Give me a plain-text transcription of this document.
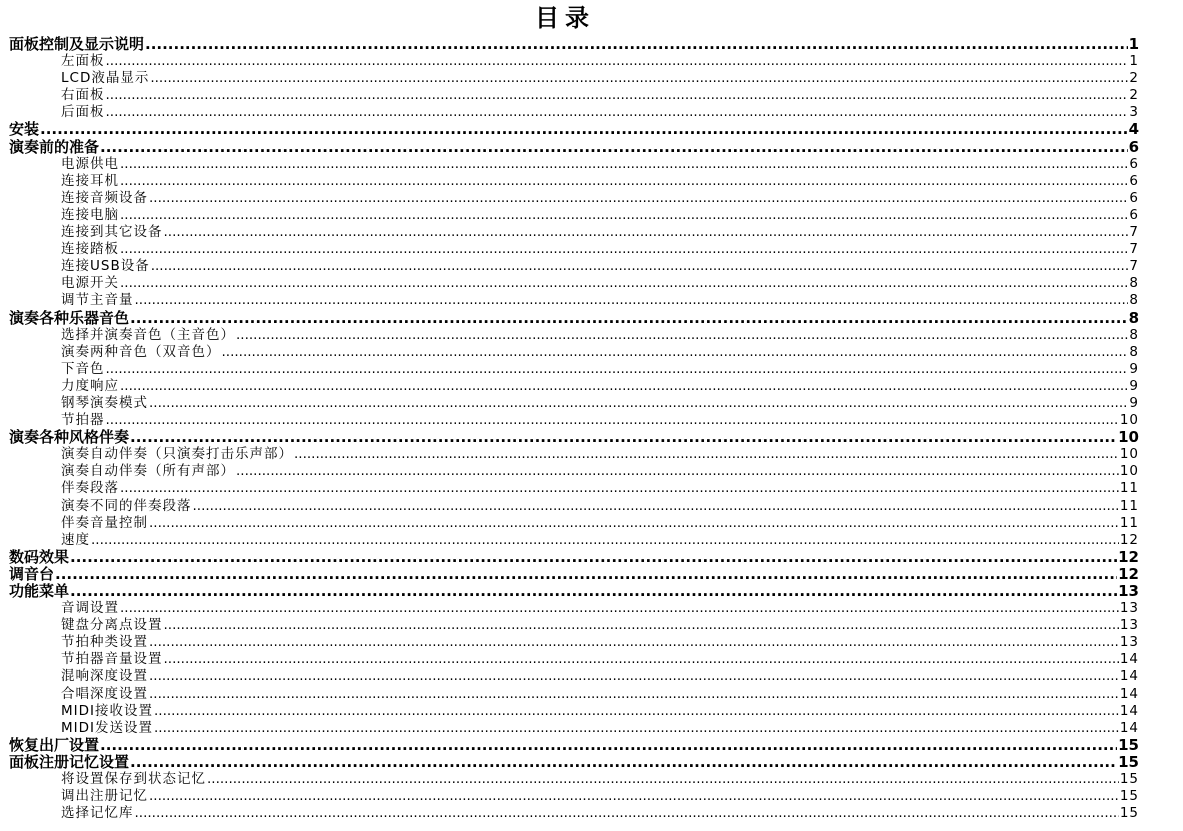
目录
面板控制及显示说明 .....	1
左面板 .....	1
LCD液晶显示 .....	2
右面板 .....	2
后面板 .....	3
安装 .....	4
演奏前的准备 .....	6
电源供电 .....	6
连接耳机 .....	6
连接音频设备 .....	6
连接电脑 .....	6
连接到其它设备 .....	7
连接踏板 .....	7
连接USB设备 .....	7
电源开关 .....	8
调节主音量 .....	8
演奏各种乐器音色 .....	8
选择并演奏音色（主音色） .....	8
演奏两种音色（双音色） .....	8
下音色 .....	9
力度响应 .....	9
钢琴演奏模式 .....	9
节拍器 .....	10
演奏各种风格伴奏 .....	10
演奏自动伴奏（只演奏打击乐声部） .....	10
演奏自动伴奏（所有声部） .....	10
伴奏段落 .....	11
演奏不同的伴奏段落 .....	11
伴奏音量控制 .....	11
速度 .....	12
数码效果 .....	12
调音台 .....	12
功能菜单 .....	13
音调设置 .....	13
键盘分离点设置 .....	13
节拍种类设置 .....	13
节拍器音量设置 .....	14
混响深度设置 .....	14
合唱深度设置 .....	14
MIDI接收设置 .....	14
MIDI发送设置 .....	14
恢复出厂设置 .....	15
面板注册记忆设置 .....	15
将设置保存到状态记忆 .....	15
调出注册记忆 .....	15
选择记忆库 .....	15
